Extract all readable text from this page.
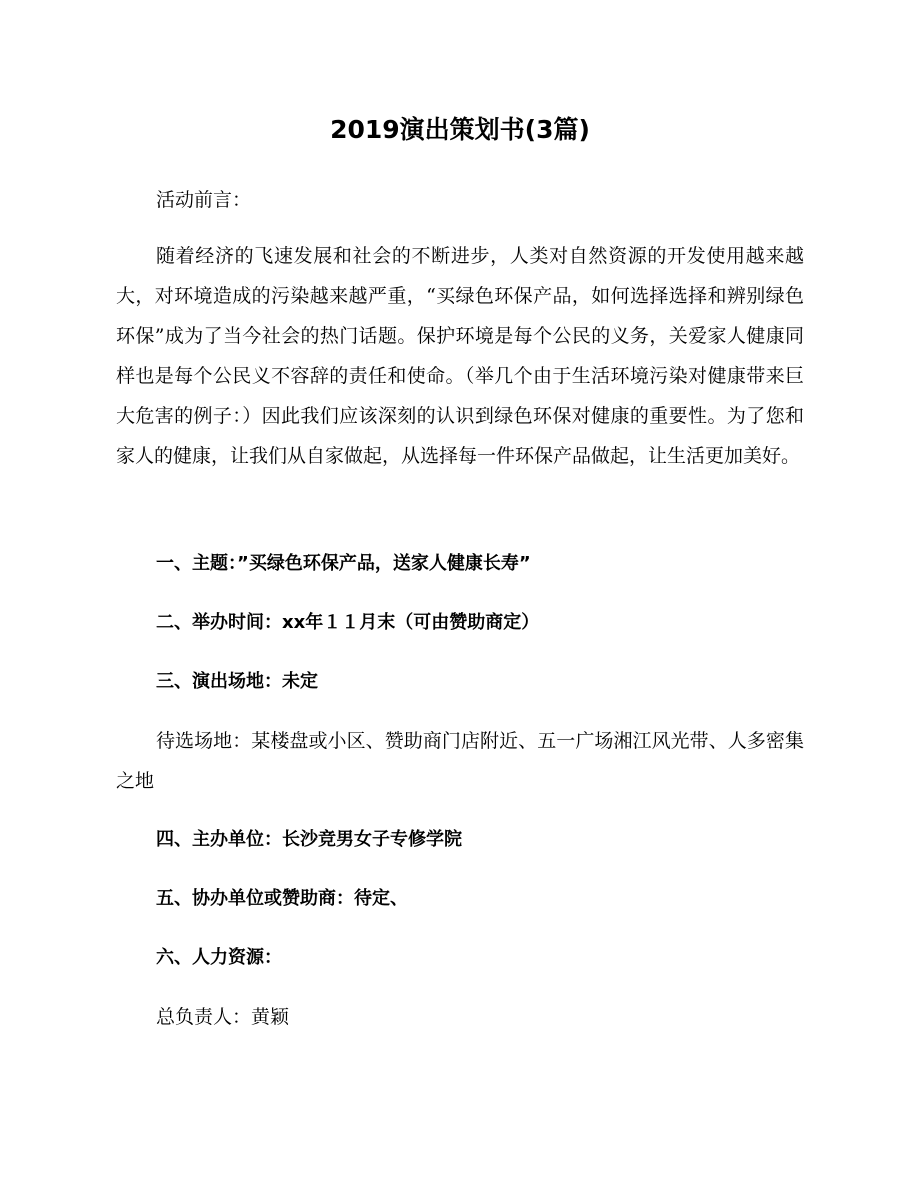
2019演出策划书(3篇)

活动前言：

随着经济的飞速发展和社会的不断进步，人类对自然资源的开发使用越来越大，对环境造成的污染越来越严重，“买绿色环保产品，如何选择选择和辨别绿色环保”成为了当今社会的热门话题。保护环境是每个公民的义务，关爱家人健康同样也是每个公民义不容辞的责任和使命。（举几个由于生活环境污染对健康带来巨大危害的例子：）因此我们应该深刻的认识到绿色环保对健康的重要性。为了您和家人的健康，让我们从自家做起，从选择每一件环保产品做起，让生活更加美好。

一、主题：”买绿色环保产品，送家人健康长寿”

二、举办时间：xx年１１月末（可由赞助商定）

三、演出场地：未定

待选场地：某楼盘或小区、赞助商门店附近、五一广场湘江风光带、人多密集之地

四、主办单位：长沙竞男女子专修学院

五、协办单位或赞助商：待定、

六、人力资源：

总负责人：黄颖
